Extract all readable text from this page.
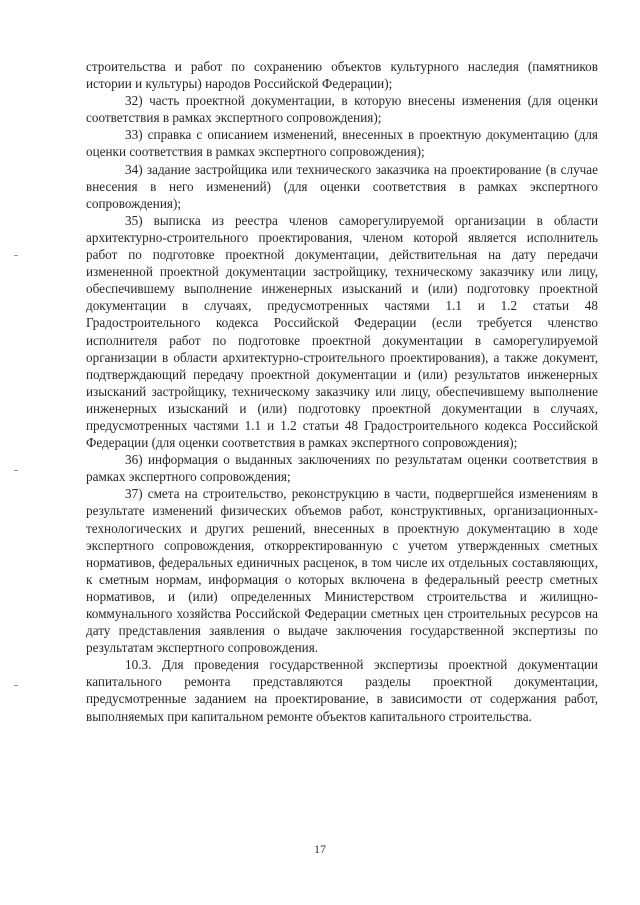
строительства и работ по сохранению объектов культурного наследия (памятников истории и культуры) народов Российской Федерации);

32) часть проектной документации, в которую внесены изменения (для оценки соответствия в рамках экспертного сопровождения);

33) справка с описанием изменений, внесенных в проектную документацию (для оценки соответствия в рамках экспертного сопровождения);

34) задание застройщика или технического заказчика на проектирование (в случае внесения в него изменений) (для оценки соответствия в рамках экспертного сопровождения);

35) выписка из реестра членов саморегулируемой организации в области архитектурно-строительного проектирования, членом которой является исполнитель работ по подготовке проектной документации, действительная на дату передачи измененной проектной документации застройщику, техническому заказчику или лицу, обеспечившему выполнение инженерных изысканий и (или) подготовку проектной документации в случаях, предусмотренных частями 1.1 и 1.2 статьи 48 Градостроительного кодекса Российской Федерации (если требуется членство исполнителя работ по подготовке проектной документации в саморегулируемой организации в области архитектурно-строительного проектирования), а также документ, подтверждающий передачу проектной документации и (или) результатов инженерных изысканий застройщику, техническому заказчику или лицу, обеспечившему выполнение инженерных изысканий и (или) подготовку проектной документации в случаях, предусмотренных частями 1.1 и 1.2 статьи 48 Градостроительного кодекса Российской Федерации (для оценки соответствия в рамках экспертного сопровождения);

36) информация о выданных заключениях по результатам оценки соответствия в рамках экспертного сопровождения;

37) смета на строительство, реконструкцию в части, подвергшейся изменениям в результате изменений физических объемов работ, конструктивных, организационных-технологических и других решений, внесенных в проектную документацию в ходе экспертного сопровождения, откорректированную с учетом утвержденных сметных нормативов, федеральных единичных расценок, в том числе их отдельных составляющих, к сметным нормам, информация о которых включена в федеральный реестр сметных нормативов, и (или) определенных Министерством строительства и жилищно-коммунального хозяйства Российской Федерации сметных цен строительных ресурсов на дату представления заявления о выдаче заключения государственной экспертизы по результатам экспертного сопровождения.

10.3. Для проведения государственной экспертизы проектной документации капитального ремонта представляются разделы проектной документации, предусмотренные заданием на проектирование, в зависимости от содержания работ, выполняемых при капитальном ремонте объектов капитального строительства.

17
